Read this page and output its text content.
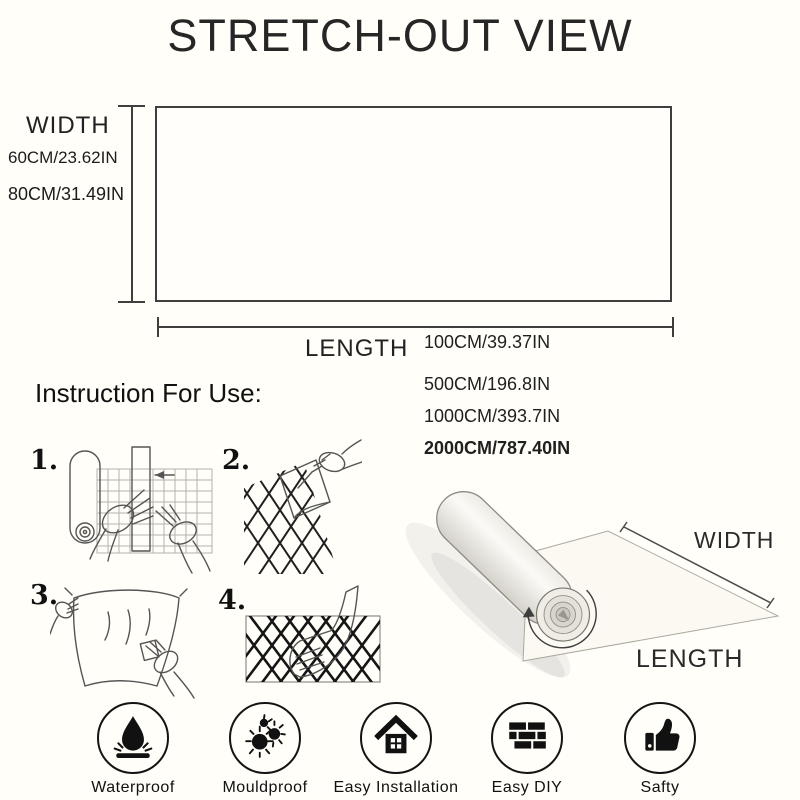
STRETCH-OUT VIEW
WIDTH
60CM/23.62IN
80CM/31.49IN
LENGTH 100CM/39.37IN
500CM/196.8IN
1000CM/393.7IN
2000CM/787.40IN
Instruction For Use:
1.	2.
3.	4.
WIDTH
LENGTH
Waterproof	Mouldproof	Easy Installation	Easy DIY	Safty
